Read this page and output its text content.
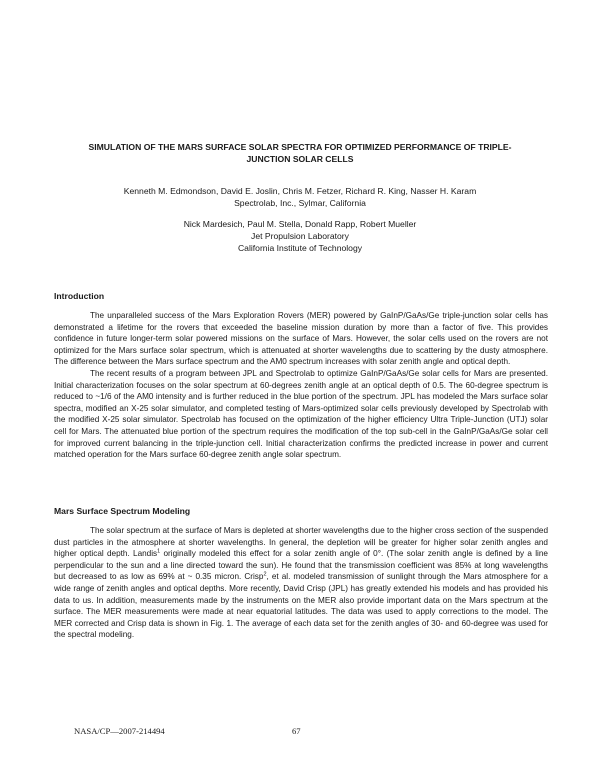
SIMULATION OF THE MARS SURFACE SOLAR SPECTRA FOR OPTIMIZED PERFORMANCE OF TRIPLE-
JUNCTION SOLAR CELLS
Kenneth M. Edmondson, David E. Joslin, Chris M. Fetzer, Richard R. King, Nasser H. Karam
Spectrolab, Inc., Sylmar, California
Nick Mardesich, Paul M. Stella, Donald Rapp, Robert Mueller
Jet Propulsion Laboratory
California Institute of Technology
Introduction

The unparalleled success of the Mars Exploration Rovers (MER) powered by GaInP/GaAs/Ge triple-junction solar cells has demonstrated a lifetime for the rovers that exceeded the baseline mission duration by more than a factor of five. This provides confidence in future longer-term solar powered missions on the surface of Mars. However, the solar cells used on the rovers are not optimized for the Mars surface solar spectrum, which is attenuated at shorter wavelengths due to scattering by the dusty atmosphere. The difference between the Mars surface spectrum and the AM0 spectrum increases with solar zenith angle and optical depth.

The recent results of a program between JPL and Spectrolab to optimize GaInP/GaAs/Ge solar cells for Mars are presented. Initial characterization focuses on the solar spectrum at 60-degrees zenith angle at an optical depth of 0.5. The 60-degree spectrum is reduced to ~1/6 of the AM0 intensity and is further reduced in the blue portion of the spectrum. JPL has modeled the Mars surface solar spectra, modified an X-25 solar simulator, and completed testing of Mars-optimized solar cells previously developed by Spectrolab with the modified X-25 solar simulator. Spectrolab has focused on the optimization of the higher efficiency Ultra Triple-Junction (UTJ) solar cell for Mars. The attenuated blue portion of the spectrum requires the modification of the top sub-cell in the GaInP/GaAs/Ge solar cell for improved current balancing in the triple-junction cell. Initial characterization confirms the predicted increase in power and current matched operation for the Mars surface 60-degree zenith angle solar spectrum.

Mars Surface Spectrum Modeling

The solar spectrum at the surface of Mars is depleted at shorter wavelengths due to the higher cross section of the suspended dust particles in the atmosphere at shorter wavelengths. In general, the depletion will be greater for higher solar zenith angles and higher optical depth. Landis$^1$ originally modeled this effect for a solar zenith angle of 0°. (The solar zenith angle is defined by a line perpendicular to the sun and a line directed toward the sun). He found that the transmission coefficient was 85% at long wavelengths but decreased to as low as 69% at ~ 0.35 micron. Crisp$^2$, et al. modeled transmission of sunlight through the Mars atmosphere for a wide range of zenith angles and optical depths. More recently, David Crisp (JPL) has greatly extended his models and has provided his data to us. In addition, measurements made by the instruments on the MER also provide important data on the Mars spectrum at the surface. The MER measurements were made at near equatorial latitudes. The data was used to apply corrections to the model. The MER corrected and Crisp data is shown in Fig. 1. The average of each data set for the zenith angles of 30- and 60-degree was used for the spectral modeling.

NASA/CP—2007-214494	67
